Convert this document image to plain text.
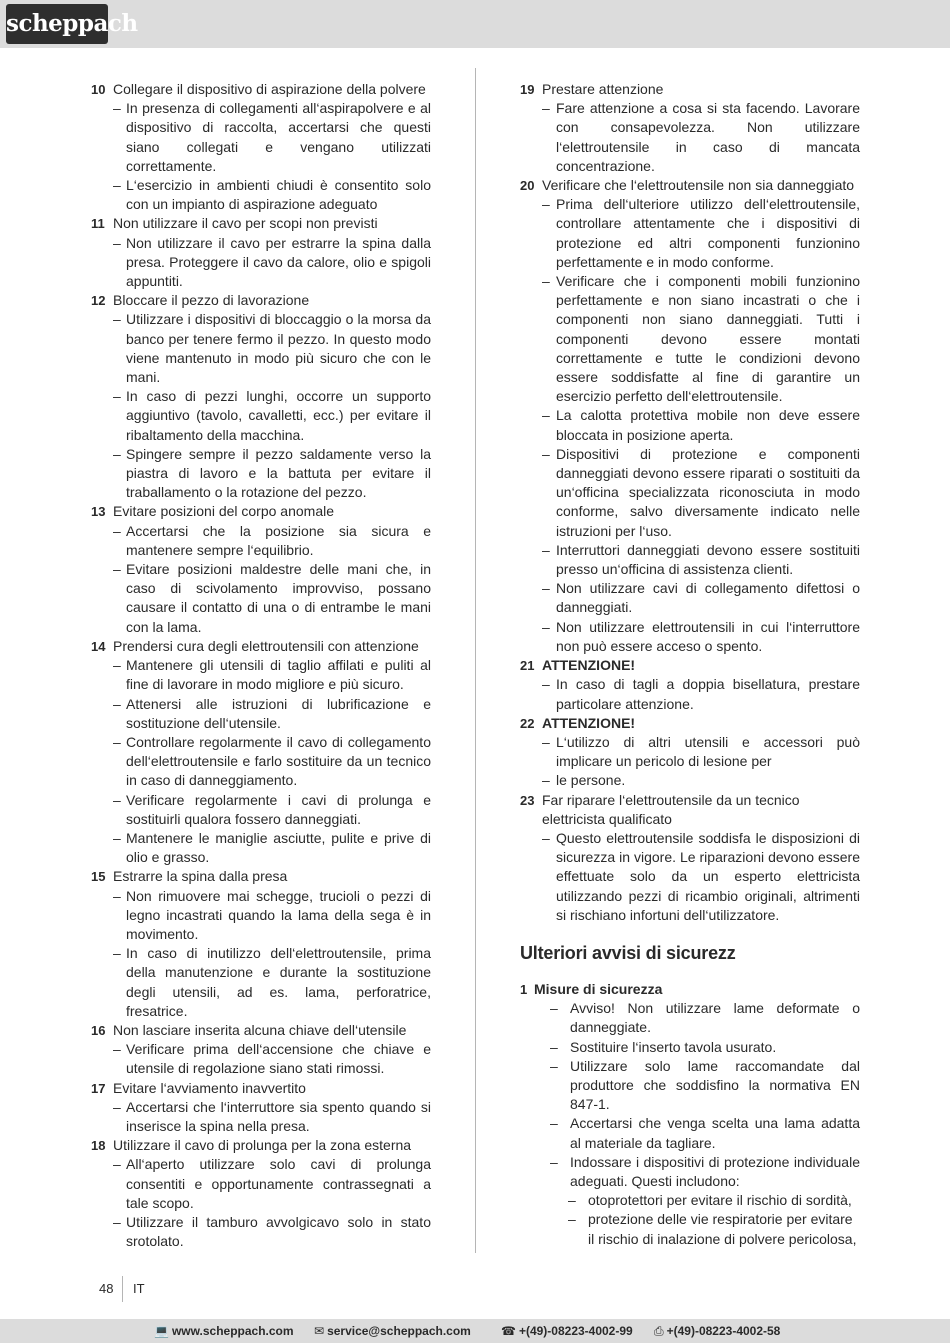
scheppach
10 Collegare il dispositivo di aspirazione della polvere
– In presenza di collegamenti all‘aspirapolvere e al dispositivo di raccolta, accertarsi che questi siano collegati e vengano utilizzati correttamente.
– L‘esercizio in ambienti chiudi è consentito solo con un impianto di aspirazione adeguato
11 Non utilizzare il cavo per scopi non previsti
– Non utilizzare il cavo per estrarre la spina dalla presa. Proteggere il cavo da calore, olio e spigoli appuntiti.
12 Bloccare il pezzo di lavorazione
– Utilizzare i dispositivi di bloccaggio o la morsa da banco per tenere fermo il pezzo. In questo modo viene mantenuto in modo più sicuro che con le mani.
– In caso di pezzi lunghi, occorre un supporto aggiuntivo (tavolo, cavalletti, ecc.) per evitare il ribaltamento della macchina.
– Spingere sempre il pezzo saldamente verso la piastra di lavoro e la battuta per evitare il traballamento o la rotazione del pezzo.
13 Evitare posizioni del corpo anomale
– Accertarsi che la posizione sia sicura e mantenere sempre l‘equilibrio.
– Evitare posizioni maldestre delle mani che, in caso di scivolamento improvviso, possano causare il contatto di una o di entrambe le mani con la lama.
14 Prendersi cura degli elettroutensili con attenzione
– Mantenere gli utensili di taglio affilati e puliti al fine di lavorare in modo migliore e più sicuro.
– Attenersi alle istruzioni di lubrificazione e sostituzione dell‘utensile.
– Controllare regolarmente il cavo di collegamento dell‘elettroutensile e farlo sostituire da un tecnico in caso di danneggiamento.
– Verificare regolarmente i cavi di prolunga e sostituirli qualora fossero danneggiati.
– Mantenere le maniglie asciutte, pulite e prive di olio e grasso.
15 Estrarre la spina dalla presa
– Non rimuovere mai schegge, trucioli o pezzi di legno incastrati quando la lama della sega è in movimento.
– In caso di inutilizzo dell‘elettroutensile, prima della manutenzione e durante la sostituzione degli utensili, ad es. lama, perforatrice, fresatrice.
16 Non lasciare inserita alcuna chiave dell‘utensile
– Verificare prima dell‘accensione che chiave e utensile di regolazione siano stati rimossi.
17 Evitare l‘avviamento inavvertito
– Accertarsi che l‘interruttore sia spento quando si inserisce la spina nella presa.
18 Utilizzare il cavo di prolunga per la zona esterna
– All‘aperto utilizzare solo cavi di prolunga consentiti e opportunamente contrassegnati a tale scopo.
– Utilizzare il tamburo avvolgicavo solo in stato srotolato.
19 Prestare attenzione
– Fare attenzione a cosa si sta facendo. Lavorare con consapevolezza. Non utilizzare l‘elettroutensile in caso di mancata concentrazione.
20 Verificare che l‘elettroutensile non sia danneggiato
– Prima dell‘ulteriore utilizzo dell‘elettroutensile, controllare attentamente che i dispositivi di protezione ed altri componenti funzionino perfettamente e in modo conforme.
– Verificare che i componenti mobili funzionino perfettamente e non siano incastrati o che i componenti non siano danneggiati. Tutti i componenti devono essere montati correttamente e tutte le condizioni devono essere soddisfatte al fine di garantire un esercizio perfetto dell‘elettroutensile.
– La calotta protettiva mobile non deve essere bloccata in posizione aperta.
– Dispositivi di protezione e componenti danneggiati devono essere riparati o sostituiti da un‘officina specializzata riconosciuta in modo conforme, salvo diversamente indicato nelle istruzioni per l‘uso.
– Interruttori danneggiati devono essere sostituiti presso un‘officina di assistenza clienti.
– Non utilizzare cavi di collegamento difettosi o danneggiati.
– Non utilizzare elettroutensili in cui l‘interruttore non può essere acceso o spento.
21 ATTENZIONE!
– In caso di tagli a doppia bisellatura, prestare particolare attenzione.
22 ATTENZIONE!
– L‘utilizzo di altri utensili e accessori può implicare un pericolo di lesione per
– le persone.
23 Far riparare l‘elettroutensile da un tecnico elettricista qualificato
– Questo elettroutensile soddisfa le disposizioni di sicurezza in vigore. Le riparazioni devono essere effettuate solo da un esperto elettricista utilizzando pezzi di ricambio originali, altrimenti si rischiano infortuni dell‘utilizzatore.
Ulteriori avvisi di sicurezz
1 Misure di sicurezza
– Avviso! Non utilizzare lame deformate o danneggiate.
– Sostituire l‘inserto tavola usurato.
– Utilizzare solo lame raccomandate dal produttore che soddisfino la normativa EN 847-1.
– Accertarsi che venga scelta una lama adatta al materiale da tagliare.
– Indossare i dispositivi di protezione individuale adeguati. Questi includono:
– otoprotettori per evitare il rischio di sordità,
– protezione delle vie respiratorie per evitare il rischio di inalazione di polvere pericolosa,
48 IT
💻 www.scheppach.com ✉ service@scheppach.com	☎ +(49)-08223-4002-99 ⎙ +(49)-08223-4002-58
